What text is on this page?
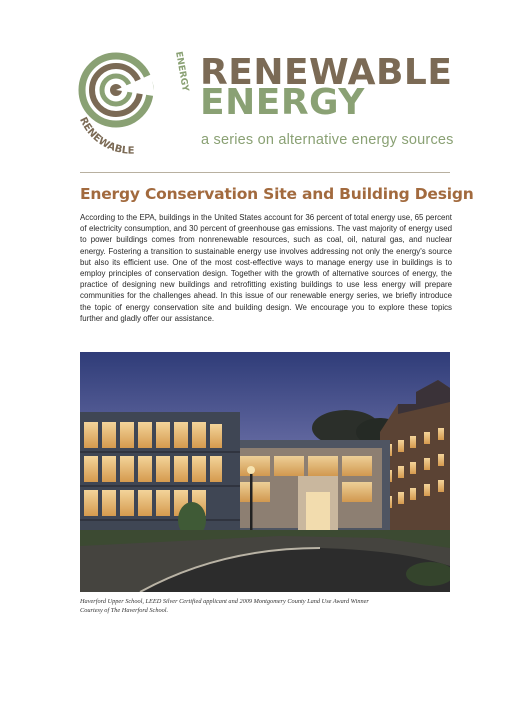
RENEWABLE
ENERGY RENEWABLE
ENERGY
a series on alternative energy sources
Energy Conservation Site and Building Design
According to the EPA, buildings in the United States account for 36 percent of total energy use, 65 percent of electricity consumption, and 30 percent of greenhouse gas emissions. The vast majority of energy used to power buildings comes from nonrenewable resources, such as coal, oil, natural gas, and nuclear energy. Fostering a transition to sustainable energy use involves addressing not only the energy's source but also its efficient use. One of the most cost-effective ways to manage energy use in buildings is to employ principles of conservation design. Together with the growth of alternative sources of energy, the practice of designing new buildings and retrofitting existing buildings to use less energy will prepare communities for the challenges ahead. In this issue of our renewable energy series, we briefly introduce the topic of energy conservation site and building design. We encourage you to explore these topics further and gladly offer our assistance.
Haverford Upper School, LEED Silver Certified applicant and 2009 Montgomery County Land Use Award Winner
Courtesy of The Haverford School.
